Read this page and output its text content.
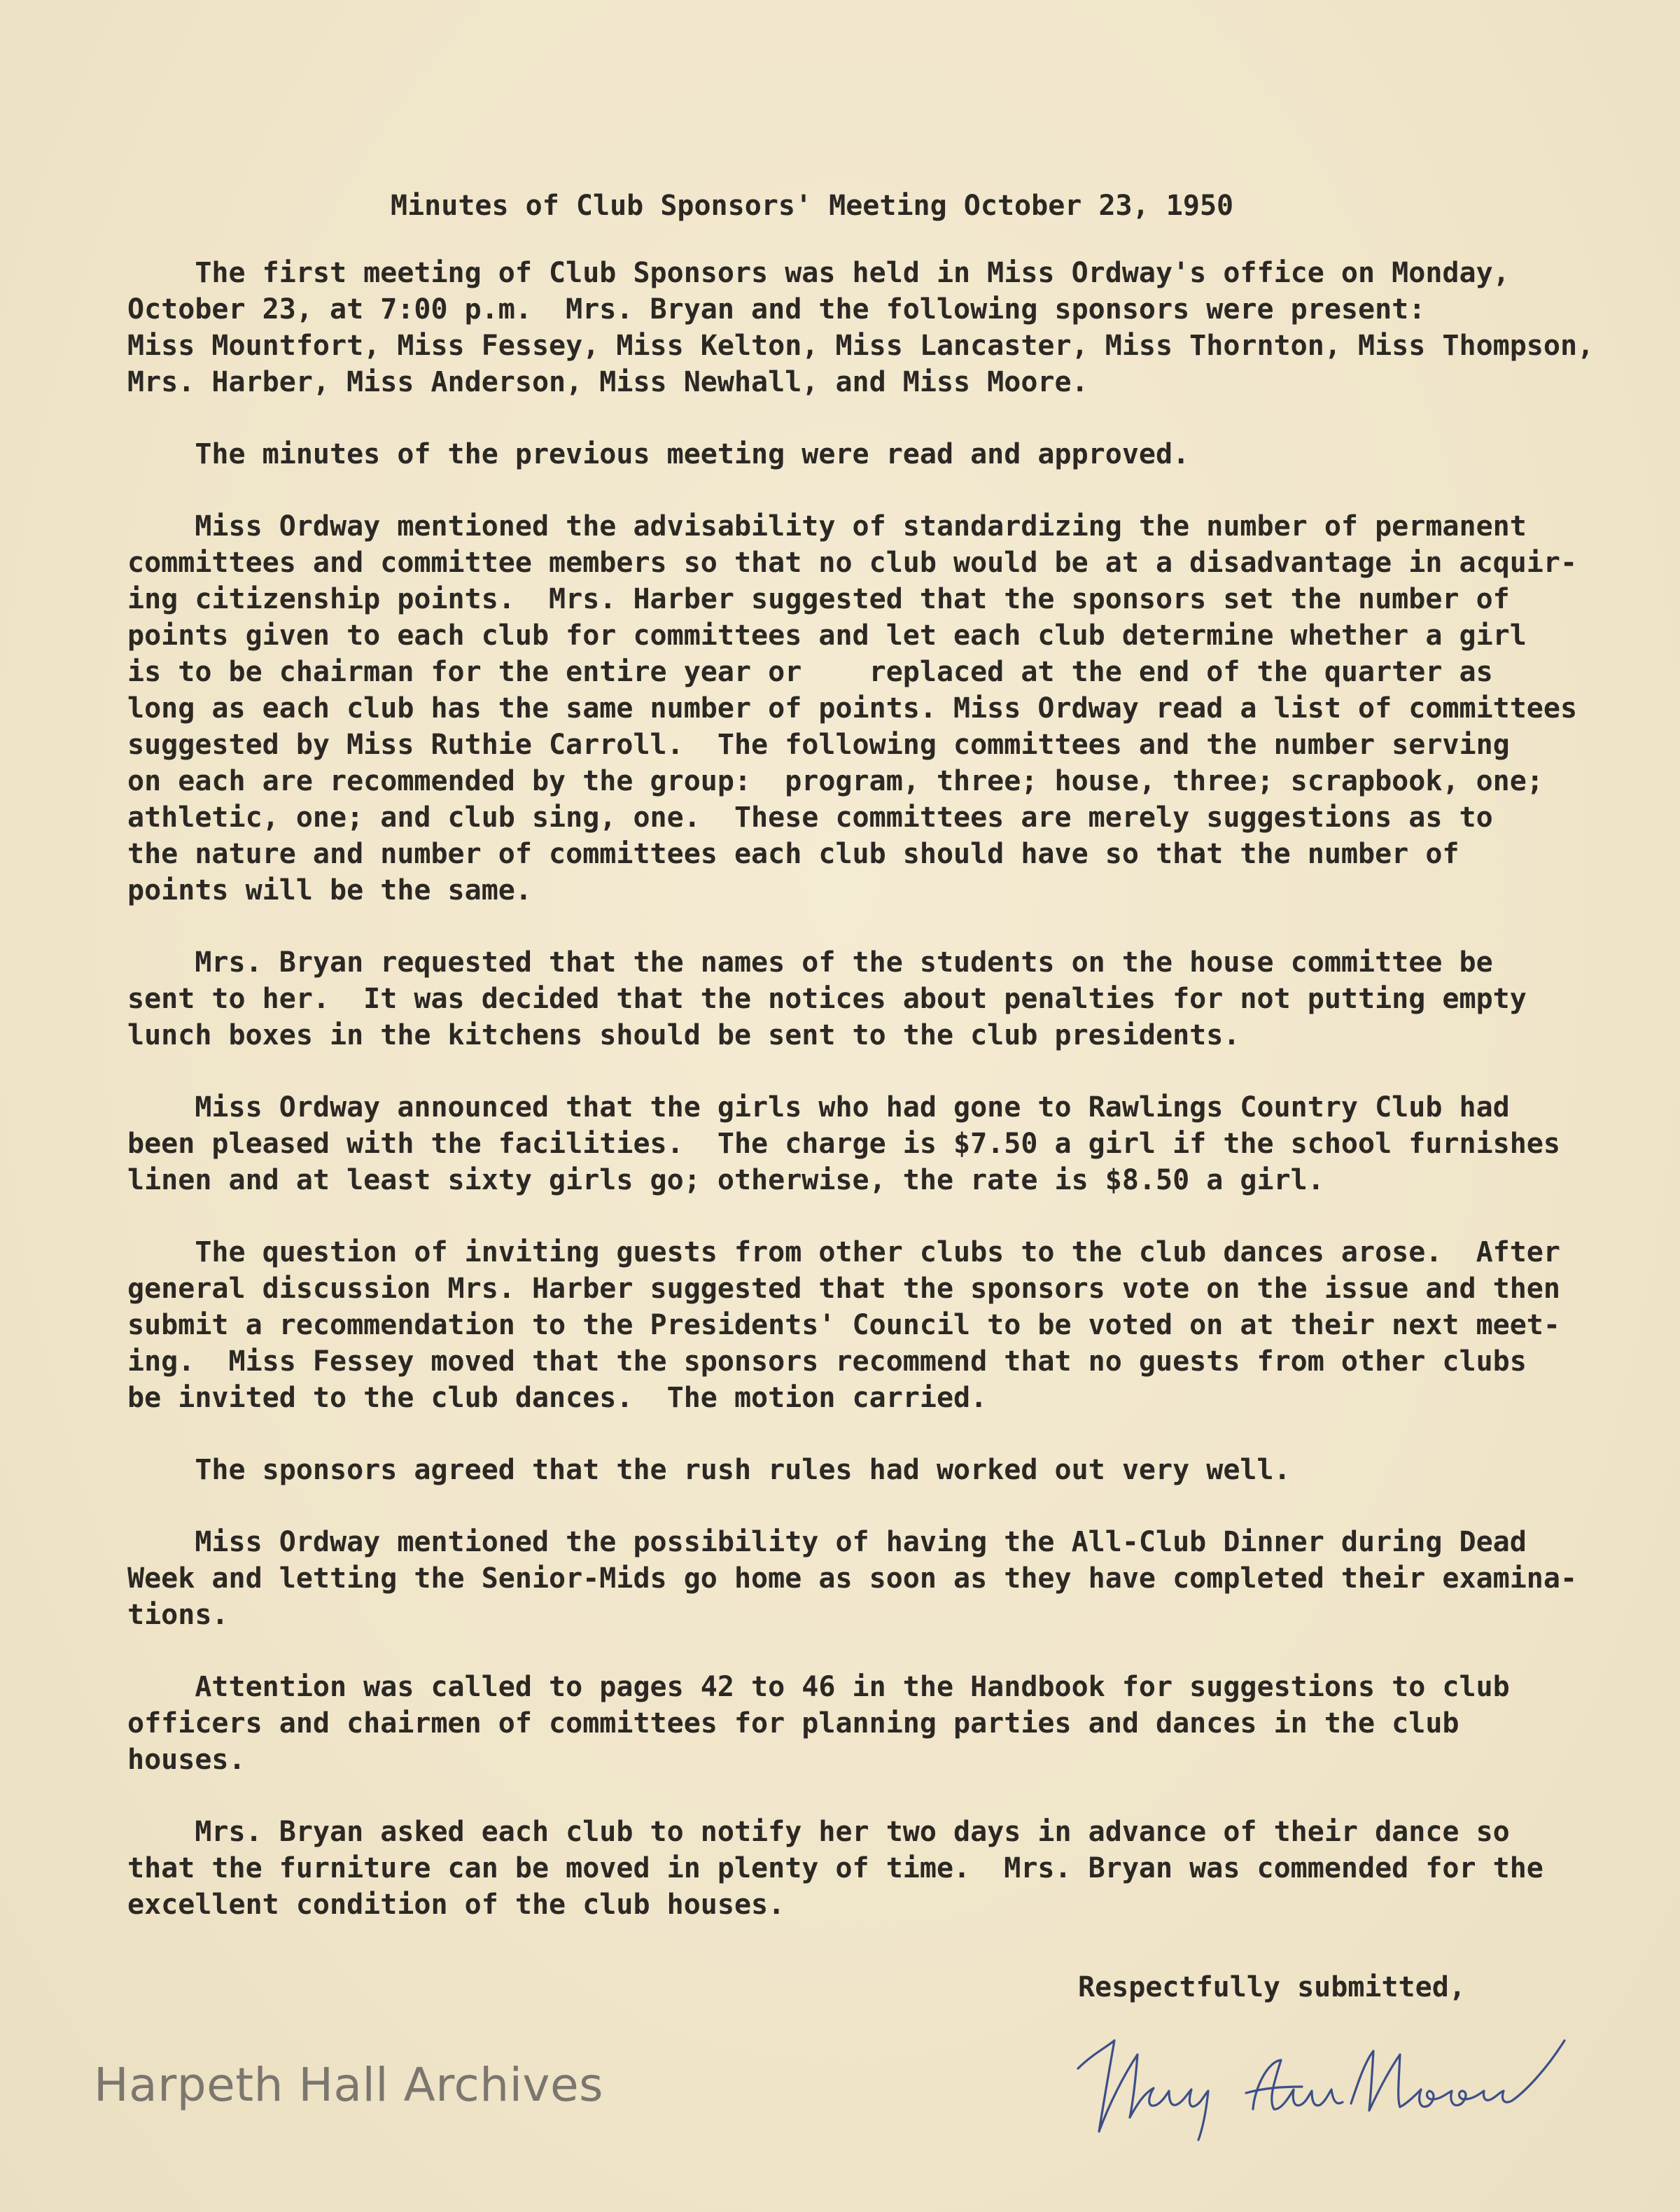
Minutes of Club Sponsors' Meeting October 23, 1950
The first meeting of Club Sponsors was held in Miss Ordway's office on Monday,
October 23, at 7:00 p.m.  Mrs. Bryan and the following sponsors were present:
Miss Mountfort, Miss Fessey, Miss Kelton, Miss Lancaster, Miss Thornton, Miss Thompson,
Mrs. Harber, Miss Anderson, Miss Newhall, and Miss Moore.
The minutes of the previous meeting were read and approved.
Miss Ordway mentioned the advisability of standardizing the number of permanent
committees and committee members so that no club would be at a disadvantage in acquir-
ing citizenship points.  Mrs. Harber suggested that the sponsors set the number of
points given to each club for committees and let each club determine whether a girl
is to be chairman for the entire year or    replaced at the end of the quarter as
long as each club has the same number of points. Miss Ordway read a list of committees
suggested by Miss Ruthie Carroll.  The following committees and the number serving
on each are recommended by the group:  program, three; house, three; scrapbook, one;
athletic, one; and club sing, one.  These committees are merely suggestions as to
the nature and number of committees each club should have so that the number of
points will be the same.
Mrs. Bryan requested that the names of the students on the house committee be
sent to her.  It was decided that the notices about penalties for not putting empty
lunch boxes in the kitchens should be sent to the club presidents.
Miss Ordway announced that the girls who had gone to Rawlings Country Club had
been pleased with the facilities.  The charge is $7.50 a girl if the school furnishes
linen and at least sixty girls go; otherwise, the rate is $8.50 a girl.
The question of inviting guests from other clubs to the club dances arose.  After
general discussion Mrs. Harber suggested that the sponsors vote on the issue and then
submit a recommendation to the Presidents' Council to be voted on at their next meet-
ing.  Miss Fessey moved that the sponsors recommend that no guests from other clubs
be invited to the club dances.  The motion carried.
The sponsors agreed that the rush rules had worked out very well.
Miss Ordway mentioned the possibility of having the All-Club Dinner during Dead
Week and letting the Senior-Mids go home as soon as they have completed their examina-
tions.
Attention was called to pages 42 to 46 in the Handbook for suggestions to club
officers and chairmen of committees for planning parties and dances in the club
houses.
Mrs. Bryan asked each club to notify her two days in advance of their dance so
that the furniture can be moved in plenty of time.  Mrs. Bryan was commended for the
excellent condition of the club houses.
Respectfully submitted,
Harpeth Hall Archives
